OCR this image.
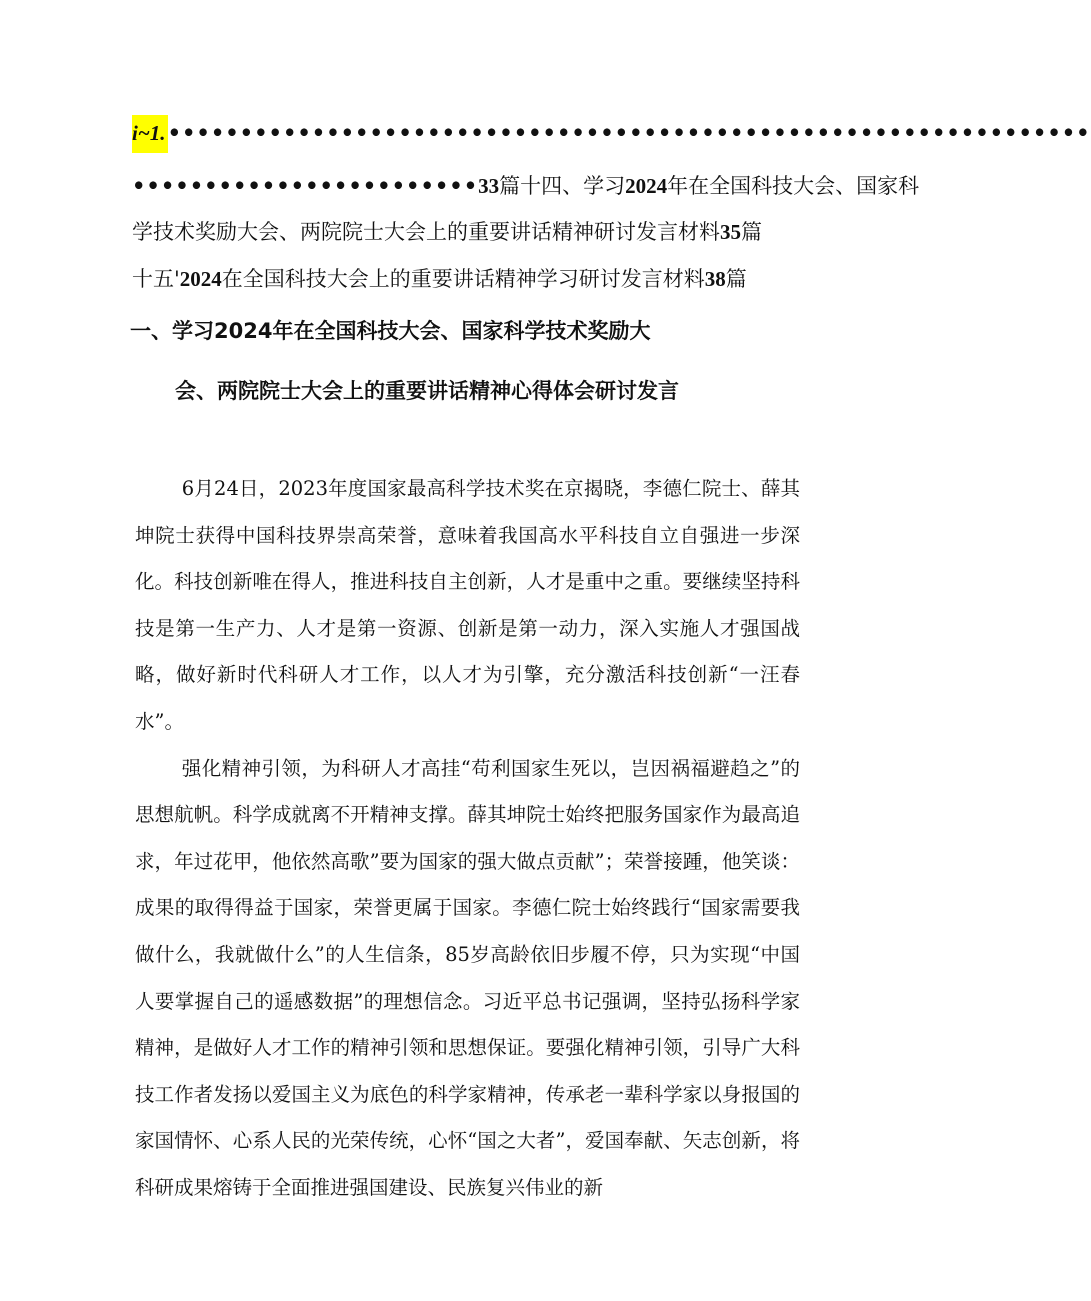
i~1.••••••••••••••••••••••••••••••••••••••••••••••••••••••••••••••••
••••••••••••••••••••••••33篇十四、学习2024年在全国科技大会、国家科
学技术奖励大会、两院院士大会上的重要讲话精神研讨发言材料35篇
十五'2024在全国科技大会上的重要讲话精神学习研讨发言材料38篇
一、学习2024年在全国科技大会、国家科学技术奖励大
会、两院院士大会上的重要讲话精神心得体会研讨发言

6月24日，2023年度国家最高科学技术奖在京揭晓，李德仁院士、薛其坤院士获得中国科技界崇高荣誉，意味着我国高水平科技自立自强进一步深化。科技创新唯在得人，推进科技自主创新，人才是重中之重。要继续坚持科技是第一生产力、人才是第一资源、创新是第一动力，深入实施人才强国战略，做好新时代科研人才工作，以人才为引擎，充分激活科技创新“一汪春水”。

强化精神引领，为科研人才高挂“苟利国家生死以，岂因祸福避趋之”的思想航帆。科学成就离不开精神支撑。薛其坤院士始终把服务国家作为最高追求，年过花甲，他依然高歌”要为国家的强大做点贡献”；荣誉接踵，他笑谈：成果的取得得益于国家，荣誉更属于国家。李德仁院士始终践行“国家需要我做什么，我就做什么”的人生信条，85岁高龄依旧步履不停，只为实现“中国人要掌握自己的遥感数据”的理想信念。习近平总书记强调，坚持弘扬科学家精神，是做好人才工作的精神引领和思想保证。要强化精神引领，引导广大科技工作者发扬以爱国主义为底色的科学家精神，传承老一辈科学家以身报国的家国情怀、心系人民的光荣传统，心怀“国之大者”，爱国奉献、矢志创新，将科研成果熔铸于全面推进强国建设、民族复兴伟业的新
